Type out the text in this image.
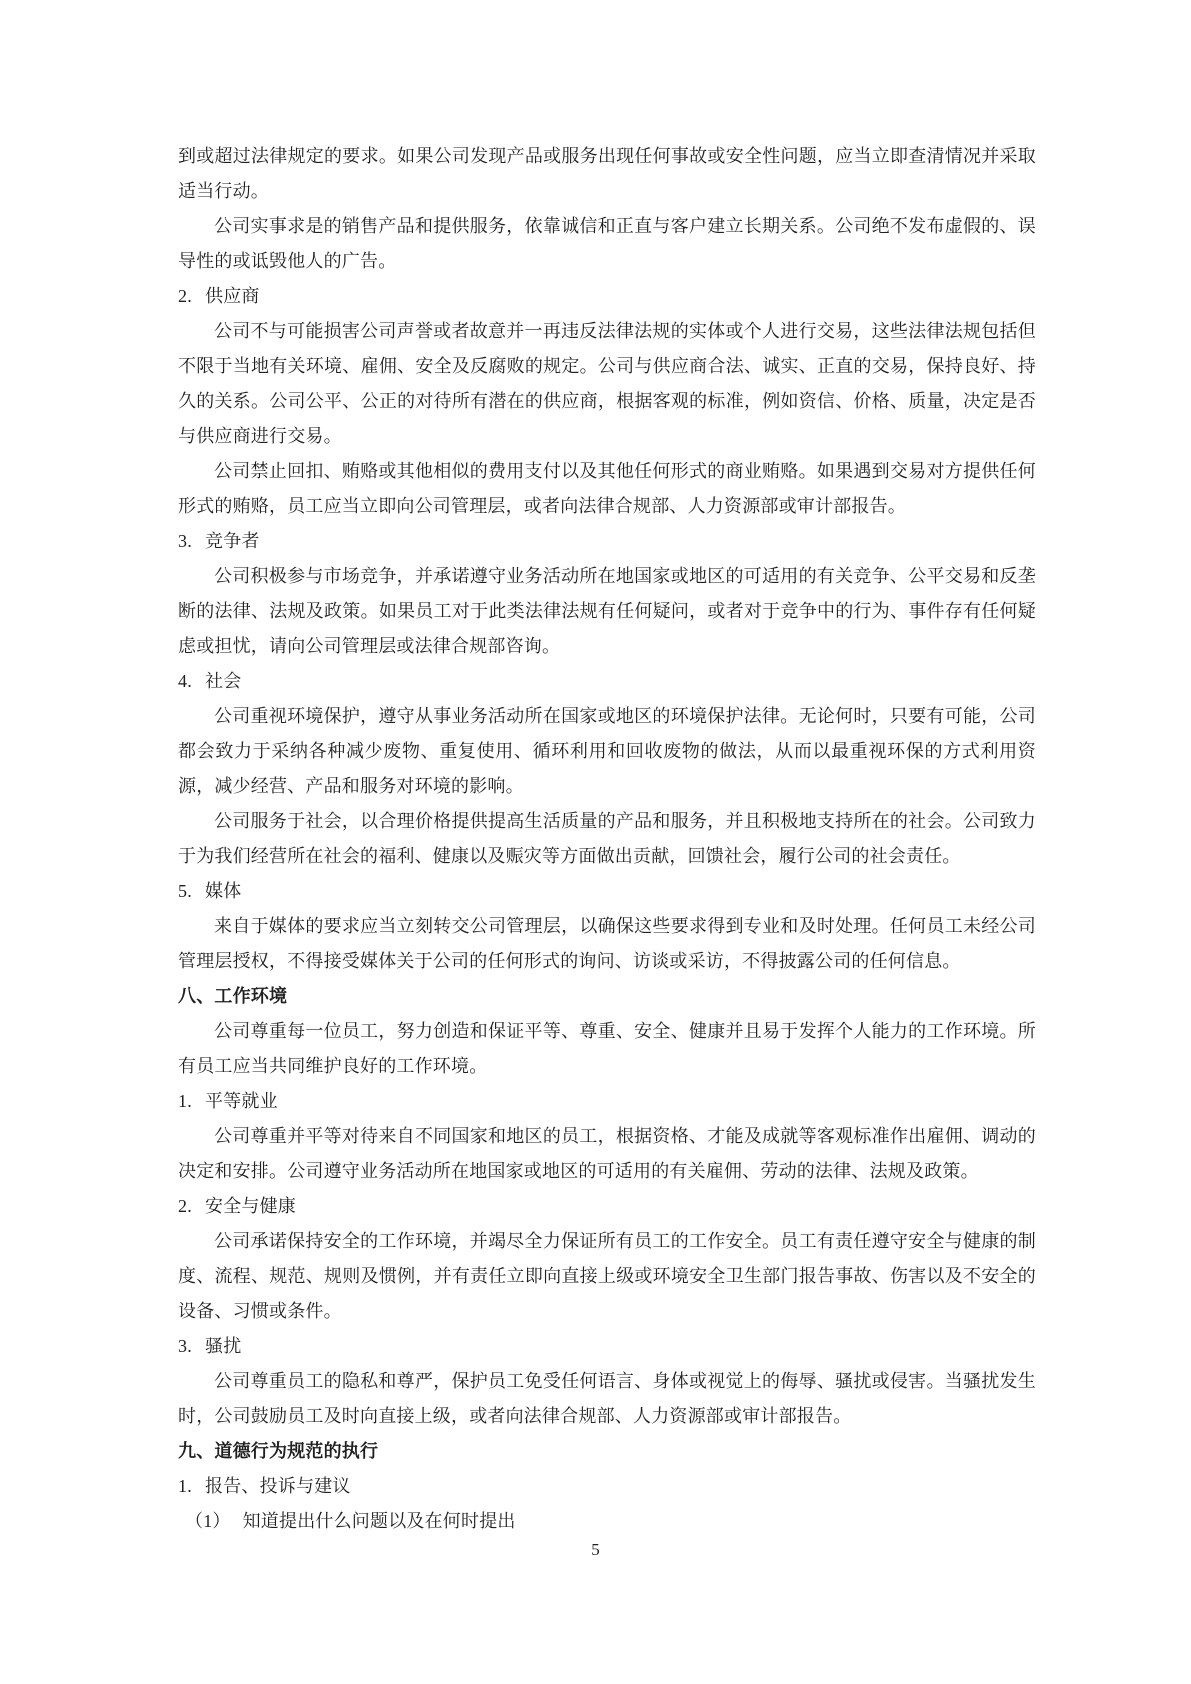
到或超过法律规定的要求。如果公司发现产品或服务出现任何事故或安全性问题，应当立即查清情况并采取适当行动。

公司实事求是的销售产品和提供服务，依靠诚信和正直与客户建立长期关系。公司绝不发布虚假的、误导性的或诋毁他人的广告。

2. 供应商

公司不与可能损害公司声誉或者故意并一再违反法律法规的实体或个人进行交易，这些法律法规包括但不限于当地有关环境、雇佣、安全及反腐败的规定。公司与供应商合法、诚实、正直的交易，保持良好、持久的关系。公司公平、公正的对待所有潜在的供应商，根据客观的标准，例如资信、价格、质量，决定是否与供应商进行交易。

公司禁止回扣、贿赂或其他相似的费用支付以及其他任何形式的商业贿赂。如果遇到交易对方提供任何形式的贿赂，员工应当立即向公司管理层，或者向法律合规部、人力资源部或审计部报告。

3. 竞争者

公司积极参与市场竞争，并承诺遵守业务活动所在地国家或地区的可适用的有关竞争、公平交易和反垄断的法律、法规及政策。如果员工对于此类法律法规有任何疑问，或者对于竞争中的行为、事件存有任何疑虑或担忧，请向公司管理层或法律合规部咨询。

4. 社会

公司重视环境保护，遵守从事业务活动所在国家或地区的环境保护法律。无论何时，只要有可能，公司都会致力于采纳各种减少废物、重复使用、循环利用和回收废物的做法，从而以最重视环保的方式利用资源，减少经营、产品和服务对环境的影响。

公司服务于社会，以合理价格提供提高生活质量的产品和服务，并且积极地支持所在的社会。公司致力于为我们经营所在社会的福利、健康以及赈灾等方面做出贡献，回馈社会，履行公司的社会责任。

5. 媒体

来自于媒体的要求应当立刻转交公司管理层，以确保这些要求得到专业和及时处理。任何员工未经公司管理层授权，不得接受媒体关于公司的任何形式的询问、访谈或采访，不得披露公司的任何信息。

八、工作环境

公司尊重每一位员工，努力创造和保证平等、尊重、安全、健康并且易于发挥个人能力的工作环境。所有员工应当共同维护良好的工作环境。

1. 平等就业

公司尊重并平等对待来自不同国家和地区的员工，根据资格、才能及成就等客观标准作出雇佣、调动的决定和安排。公司遵守业务活动所在地国家或地区的可适用的有关雇佣、劳动的法律、法规及政策。

2. 安全与健康

公司承诺保持安全的工作环境，并竭尽全力保证所有员工的工作安全。员工有责任遵守安全与健康的制度、流程、规范、规则及惯例，并有责任立即向直接上级或环境安全卫生部门报告事故、伤害以及不安全的设备、习惯或条件。

3. 骚扰

公司尊重员工的隐私和尊严，保护员工免受任何语言、身体或视觉上的侮辱、骚扰或侵害。当骚扰发生时，公司鼓励员工及时向直接上级，或者向法律合规部、人力资源部或审计部报告。

九、道德行为规范的执行

1. 报告、投诉与建议

（1） 知道提出什么问题以及在何时提出

5
